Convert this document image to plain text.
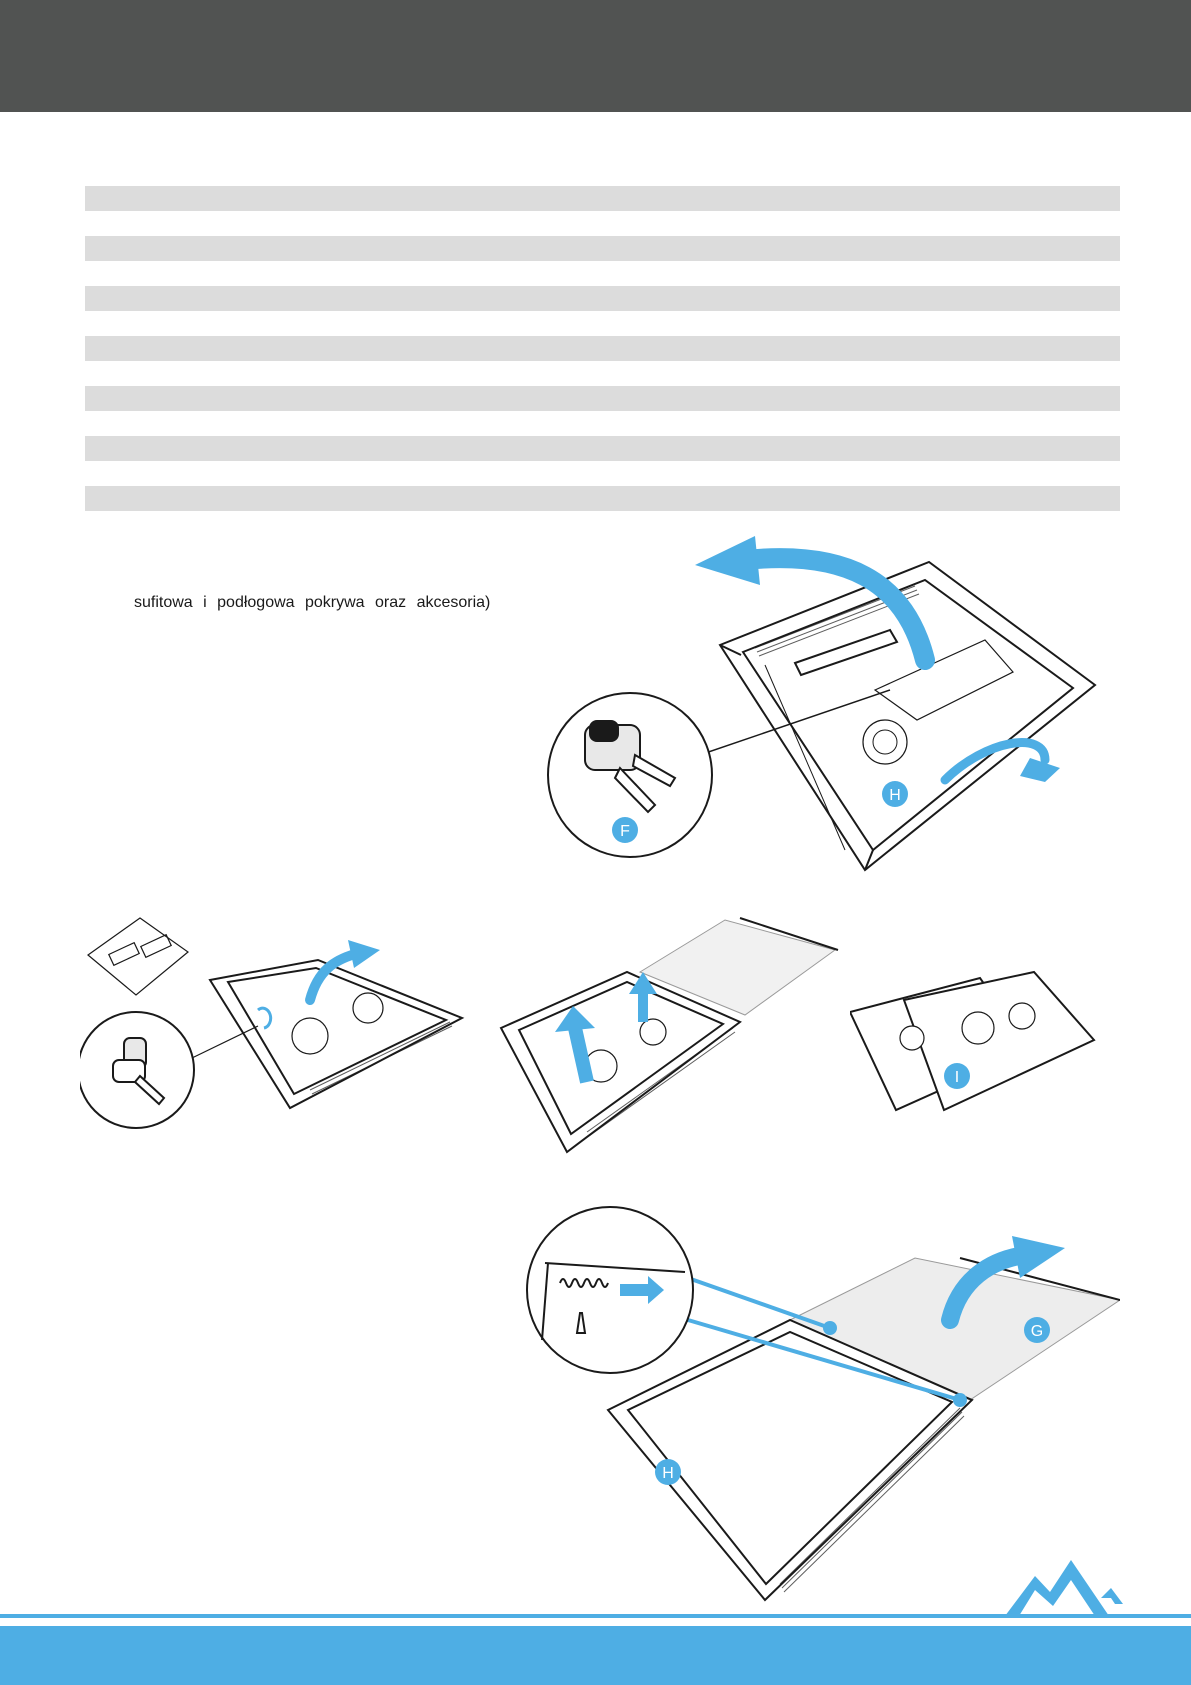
sufitowa i podłogowa pokrywa oraz akcesoria)
F
H
I
G
H
